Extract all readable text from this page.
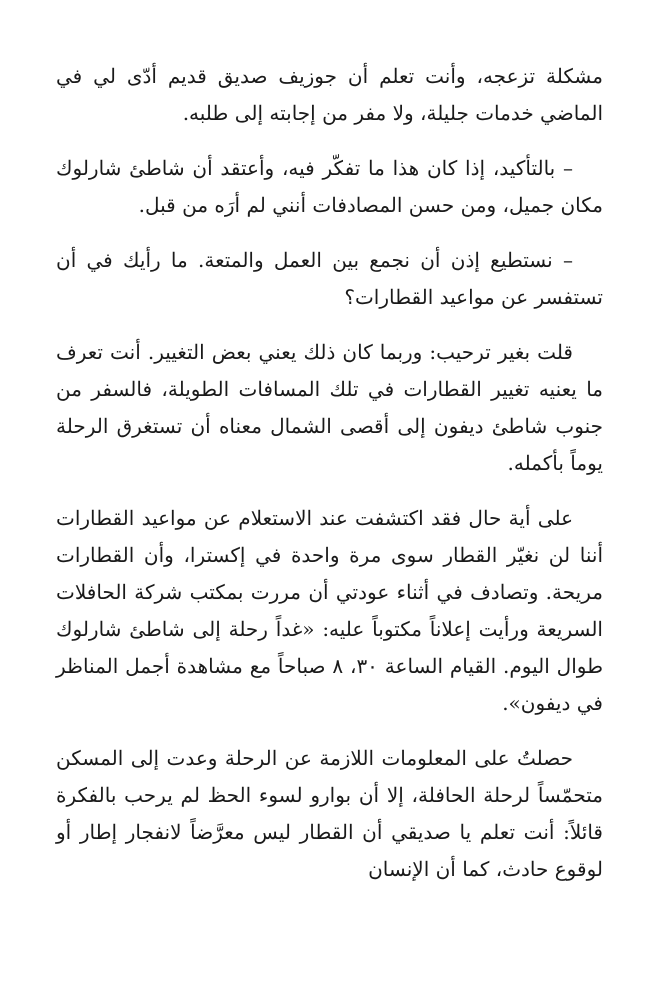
مشكلة تزعجه، وأنت تعلم أن جوزيف صديق قديم أدّى لي في الماضي خدمات جليلة، ولا مفر من إجابته إلى طلبه.

– بالتأكيد، إذا كان هذا ما تفكّر فيه، وأعتقد أن شاطئ شارلوك مكان جميل، ومن حسن المصادفات أنني لم أرَه من قبل.

– نستطيع إذن أن نجمع بين العمل والمتعة. ما رأيك في أن تستفسر عن مواعيد القطارات؟

قلت بغير ترحيب: وربما كان ذلك يعني بعض التغيير. أنت تعرف ما يعنيه تغيير القطارات في تلك المسافات الطويلة، فالسفر من جنوب شاطئ ديفون إلى أقصى الشمال معناه أن تستغرق الرحلة يوماً بأكمله.

على أية حال فقد اكتشفت عند الاستعلام عن مواعيد القطارات أننا لن نغيّر القطار سوى مرة واحدة في إكسترا، وأن القطارات مريحة. وتصادف في أثناء عودتي أن مررت بمكتب شركة الحافلات السريعة ورأيت إعلاناً مكتوباً عليه: «غداً رحلة إلى شاطئ شارلوك طوال اليوم. القيام الساعة ٣٠، ٨ صباحاً مع مشاهدة أجمل المناظر في ديفون».

حصلتُ على المعلومات اللازمة عن الرحلة وعدت إلى المسكن متحمّساً لرحلة الحافلة، إلا أن بوارو لسوء الحظ لم يرحب بالفكرة قائلاً: أنت تعلم يا صديقي أن القطار ليس معرَّضاً لانفجار إطار أو لوقوع حادث، كما أن الإنسان
